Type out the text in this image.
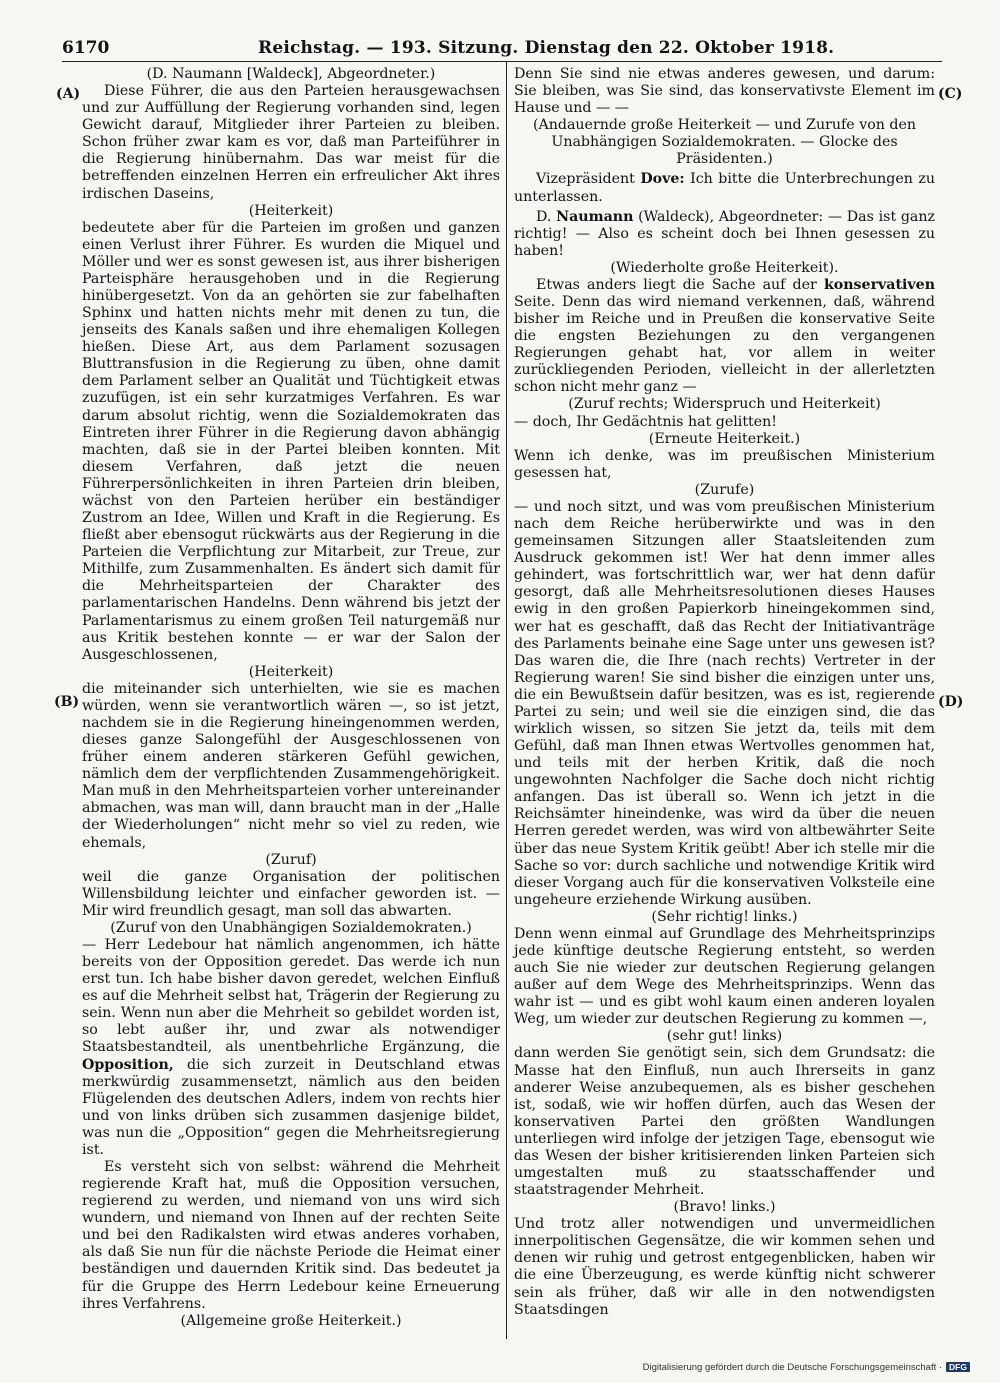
6170	Reichstag. — 193. Sitzung. Dienstag den 22. Oktober 1918.
(A)
(B)
(C)
(D)

(D. Naumann [Waldeck], Abgeordneter.)

Diese Führer, die aus den Parteien herausgewachsen und zur Auffüllung der Regierung vorhanden sind, legen Gewicht darauf, Mitglieder ihrer Parteien zu bleiben. Schon früher zwar kam es vor, daß man Parteiführer in die Regierung hinübernahm. Das war meist für die betreffenden einzelnen Herren ein erfreulicher Akt ihres irdischen Daseins,

(Heiterkeit)

bedeutete aber für die Parteien im großen und ganzen einen Verlust ihrer Führer. Es wurden die Miquel und Möller und wer es sonst gewesen ist, aus ihrer bisherigen Parteisphäre herausgehoben und in die Regierung hinübergesetzt. Von da an gehörten sie zur fabelhaften Sphinx und hatten nichts mehr mit denen zu tun, die jenseits des Kanals saßen und ihre ehemaligen Kollegen hießen. Diese Art, aus dem Parlament sozusagen Bluttransfusion in die Regierung zu üben, ohne damit dem Parlament selber an Qualität und Tüchtigkeit etwas zuzufügen, ist ein sehr kurzatmiges Verfahren. Es war darum absolut richtig, wenn die Sozialdemokraten das Eintreten ihrer Führer in die Regierung davon abhängig machten, daß sie in der Partei bleiben konnten. Mit diesem Verfahren, daß jetzt die neuen Führerpersönlichkeiten in ihren Parteien drin bleiben, wächst von den Parteien herüber ein beständiger Zustrom an Idee, Willen und Kraft in die Regierung. Es fließt aber ebensogut rückwärts aus der Regierung in die Parteien die Verpflichtung zur Mitarbeit, zur Treue, zur Mithilfe, zum Zusammenhalten. Es ändert sich damit für die Mehrheitsparteien der Charakter des parlamentarischen Handelns. Denn während bis jetzt der Parlamentarismus zu einem großen Teil naturgemäß nur aus Kritik bestehen konnte — er war der Salon der Ausgeschlossenen,

(Heiterkeit)

die miteinander sich unterhielten, wie sie es machen würden, wenn sie verantwortlich wären —, so ist jetzt, nachdem sie in die Regierung hineingenommen werden, dieses ganze Salongefühl der Ausgeschlossenen von früher einem anderen stärkeren Gefühl gewichen, nämlich dem der verpflichtenden Zusammengehörigkeit. Man muß in den Mehrheitsparteien vorher untereinander abmachen, was man will, dann braucht man in der „Halle der Wiederholungen“ nicht mehr so viel zu reden, wie ehemals,

(Zuruf)

weil die ganze Organisation der politischen Willensbildung leichter und einfacher geworden ist. — Mir wird freundlich gesagt, man soll das abwarten.

(Zuruf von den Unabhängigen Sozialdemokraten.)

— Herr Ledebour hat nämlich angenommen, ich hätte bereits von der Opposition geredet. Das werde ich nun erst tun. Ich habe bisher davon geredet, welchen Einfluß es auf die Mehrheit selbst hat, Trägerin der Regierung zu sein. Wenn nun aber die Mehrheit so gebildet worden ist, so lebt außer ihr, und zwar als notwendiger Staatsbestandteil, als unentbehrliche Ergänzung, die Opposition, die sich zurzeit in Deutschland etwas merkwürdig zusammensetzt, nämlich aus den beiden Flügelenden des deutschen Adlers, indem von rechts hier und von links drüben sich zusammen dasjenige bildet, was nun die „Opposition“ gegen die Mehrheitsregierung ist.

Es versteht sich von selbst: während die Mehrheit regierende Kraft hat, muß die Opposition versuchen, regierend zu werden, und niemand von uns wird sich wundern, und niemand von Ihnen auf der rechten Seite und bei den Radikalsten wird etwas anderes vorhaben, als daß Sie nun für die nächste Periode die Heimat einer beständigen und dauernden Kritik sind. Das bedeutet ja für die Gruppe des Herrn Ledebour keine Erneuerung ihres Verfahrens.

(Allgemeine große Heiterkeit.)

Denn Sie sind nie etwas anderes gewesen, und darum: Sie bleiben, was Sie sind, das konservativste Element im Hause und — —

(Andauernde große Heiterkeit — und Zurufe von den Unabhängigen Sozialdemokraten. — Glocke des Präsidenten.)

Vizepräsident Dove: Ich bitte die Unterbrechungen zu unterlassen.

D. Naumann (Waldeck), Abgeordneter: — Das ist ganz richtig! — Also es scheint doch bei Ihnen gesessen zu haben!

(Wiederholte große Heiterkeit).

Etwas anders liegt die Sache auf der konservativen Seite. Denn das wird niemand verkennen, daß, während bisher im Reiche und in Preußen die konservative Seite die engsten Beziehungen zu den vergangenen Regierungen gehabt hat, vor allem in weiter zurückliegenden Perioden, vielleicht in der allerletzten schon nicht mehr ganz —

(Zuruf rechts; Widerspruch und Heiterkeit)

— doch, Ihr Gedächtnis hat gelitten!

(Erneute Heiterkeit.)

Wenn ich denke, was im preußischen Ministerium gesessen hat,

(Zurufe)

— und noch sitzt, und was vom preußischen Ministerium nach dem Reiche herüberwirkte und was in den gemeinsamen Sitzungen aller Staatsleitenden zum Ausdruck gekommen ist! Wer hat denn immer alles gehindert, was fortschrittlich war, wer hat denn dafür gesorgt, daß alle Mehrheitsresolutionen dieses Hauses ewig in den großen Papierkorb hineingekommen sind, wer hat es geschafft, daß das Recht der Initiativanträge des Parlaments beinahe eine Sage unter uns gewesen ist? Das waren die, die Ihre (nach rechts) Vertreter in der Regierung waren! Sie sind bisher die einzigen unter uns, die ein Bewußtsein dafür besitzen, was es ist, regierende Partei zu sein; und weil sie die einzigen sind, die das wirklich wissen, so sitzen Sie jetzt da, teils mit dem Gefühl, daß man Ihnen etwas Wertvolles genommen hat, und teils mit der herben Kritik, daß die noch ungewohnten Nachfolger die Sache doch nicht richtig anfangen. Das ist überall so. Wenn ich jetzt in die Reichsämter hineindenke, was wird da über die neuen Herren geredet werden, was wird von altbewährter Seite über das neue System Kritik geübt! Aber ich stelle mir die Sache so vor: durch sachliche und notwendige Kritik wird dieser Vorgang auch für die konservativen Volksteile eine ungeheure erziehende Wirkung ausüben.

(Sehr richtig! links.)

Denn wenn einmal auf Grundlage des Mehrheitsprinzips jede künftige deutsche Regierung entsteht, so werden auch Sie nie wieder zur deutschen Regierung gelangen außer auf dem Wege des Mehrheitsprinzips. Wenn das wahr ist — und es gibt wohl kaum einen anderen loyalen Weg, um wieder zur deutschen Regierung zu kommen —,

(sehr gut! links)

dann werden Sie genötigt sein, sich dem Grundsatz: die Masse hat den Einfluß, nun auch Ihrerseits in ganz anderer Weise anzubequemen, als es bisher geschehen ist, sodaß, wie wir hoffen dürfen, auch das Wesen der konservativen Partei den größten Wandlungen unterliegen wird infolge der jetzigen Tage, ebensogut wie das Wesen der bisher kritisierenden linken Parteien sich umgestalten muß zu staatsschaffender und staatstragender Mehrheit.

(Bravo! links.)

Und trotz aller notwendigen und unvermeidlichen innerpolitischen Gegensätze, die wir kommen sehen und denen wir ruhig und getrost entgegenblicken, haben wir die eine Überzeugung, es werde künftig nicht schwerer sein als früher, daß wir alle in den notwendigsten Staatsdingen

Digitalisierung gefördert durch die Deutsche Forschungsgemeinschaft · DFG
